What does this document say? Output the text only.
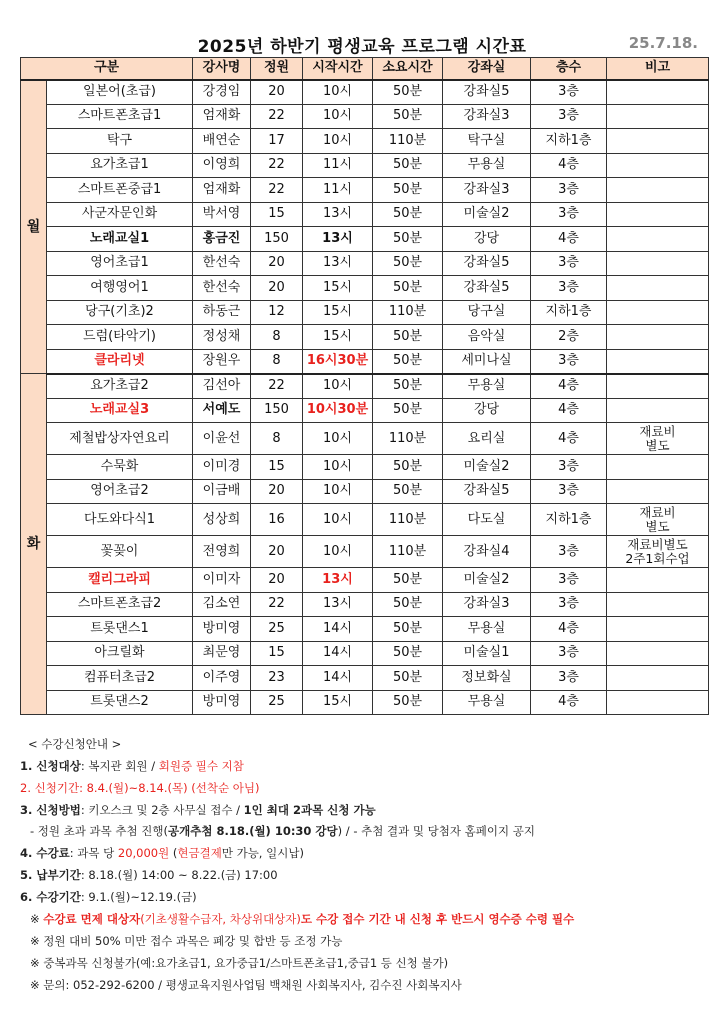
2025년 하반기 평생교육 프로그램 시간표	25.7.18.
구분		강사명	정원	시작시간	소요시간	강좌실	층수	비고
월	일본어(초급)	강경임	20	10시	50분	강좌실5	3층	
	스마트폰초급1	엄재화	22	10시	50분	강좌실3	3층	
	탁구	배연순	17	10시	110분	탁구실	지하1층	
	요가초급1	이영희	22	11시	50분	무용실	4층	
	스마트폰중급1	엄재화	22	11시	50분	강좌실3	3층	
	사군자문인화	박서영	15	13시	50분	미술실2	3층	
	노래교실1	홍금진	150	13시	50분	강당	4층	
	영어초급1	한선숙	20	13시	50분	강좌실5	3층	
	여행영어1	한선숙	20	15시	50분	강좌실5	3층	
	당구(기초)2	하동근	12	15시	110분	당구실	지하1층	
	드럼(타악기)	정성채	8	15시	50분	음악실	2층	
	클라리넷	장원우	8	16시30분	50분	세미나실	3층	
화	요가초급2	김선아	22	10시	50분	무용실	4층	
	노래교실3	서예도	150	10시30분	50분	강당	4층	
	제철밥상자연요리	이윤선	8	10시	110분	요리실	4층	재료비
별도

	수묵화	이미경	15	10시	50분	미술실2	3층	
	영어초급2	이금배	20	10시	50분	강좌실5	3층	
	다도와다식1	성상희	16	10시	110분	다도실	지하1층	재료비
별도

	꽃꽂이	전영희	20	10시	110분	강좌실4	3층	재료비별도
2주1회수업

	캘리그라피	이미자	20	13시	50분	미술실2	3층	
	스마트폰초급2	김소연	22	13시	50분	강좌실3	3층	
	트롯댄스1	방미영	25	14시	50분	무용실	4층	
	아크릴화	최문영	15	14시	50분	미술실1	3층	
	컴퓨터초급2	이주영	23	14시	50분	정보화실	3층	
	트롯댄스2	방미영	25	15시	50분	무용실	4층	
< 수강신청안내 >
1. 신청대상: 복지관 회원 / 회원증 필수 지참
2. 신청기간: 8.4.(월)~8.14.(목) (선착순 아님)
3. 신청방법: 키오스크 및 2층 사무실 접수 / 1인 최대 2과목 신청 가능
- 정원 초과 과목 추첨 진행(공개추첨 8.18.(월) 10:30 강당) / - 추첨 결과 및 당첨자 홈페이지 공지
4. 수강료: 과목 당 20,000원 (현금결제만 가능, 일시납)
5. 납부기간: 8.18.(월) 14:00 ~ 8.22.(금) 17:00
6. 수강기간: 9.1.(월)~12.19.(금)
※ 수강료 면제 대상자(기초생활수급자, 차상위대상자)도 수강 접수 기간 내 신청 후 반드시 영수증 수령 필수
※ 정원 대비 50% 미만 접수 과목은 폐강 및 합반 등 조정 가능
※ 중복과목 신청불가(예:요가초급1, 요가중급1/스마트폰초급1,중급1 등 신청 불가)
※ 문의: 052-292-6200 / 평생교육지원사업팀 백채원 사회복지사, 김수진 사회복지사
